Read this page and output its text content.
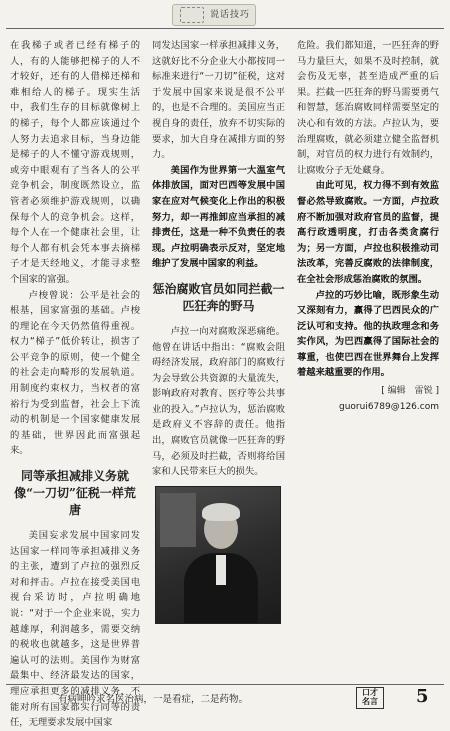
说话技巧

在我梯子或者已经有梯子的人，有的人能够把梯子的人不才较好，还有的人借梯还梯和难相给人的梯子。现实生活中，我们生存的目标就像树上的梯子，每个人都应该通过个人努力去追求目标，当身边能是梯子的人不懂守游戏规则，或旁中眼观有了当各人的公平竞争机会，制度既然设立，监管者必须维护游戏规则，以确保每个人的竞争机会。这样，每个人在一个健康社会里，让每个人都有机会凭本事去摘梯子才是天经地义，才能寻求整个国家的富强。

卢梭曾说：公平是社会的根基，国家富强的基础。卢梭的理论在今天仍然值得重视。权力“梯子”低价转让，损害了公平竞争的原则，使一个健全的社会走向畸形的发展轨道。用制度约束权力，当权者的富裕行为受到监督，社会上下流动的机制是一个国家健康发展的基础，世界因此而富强起来。

同等承担减排义务就像“一刀切”征税一样荒唐

美国妄求发展中国家同发达国家一样同等承担减排义务的主张，遭到了卢拉的强烈反对和抨击。卢拉在接受美国电视台采访时，卢拉明确地说：“对于一个企业来说，实力越雄厚，利润越多，需要交纳的税收也就越多，这是世界普遍认可的法则。美国作为财富最集中、经济最发达的国家，理应承担更多的减排义务，不能对所有国家都实行同等的责任，无理要求发展中国家

同发达国家一样承担减排义务，这就好比不分企业大小都按同一标准来进行“一刀切”征税，这对于发展中国家来说是很不公平的，也是不合理的。美国应当正视自身的责任，放弃不切实际的要求，加大自身在减排方面的努力。

美国作为世界第一大温室气体排放国，面对巴西等发展中国家在应对气候变化上作出的积极努力，却一再推卸应当承担的减排责任，这是一种不负责任的表现。卢拉明确表示反对，坚定地维护了发展中国家的利益。

惩治腐败官员如同拦截一匹狂奔的野马

卢拉一向对腐败深恶痛绝。他曾在讲话中指出：“腐败会阻碍经济发展，政府部门的腐败行为会导致公共资源的大量流失，影响政府对教育、医疗等公共事业的投入。”卢拉认为，惩治腐败是政府义不容辞的责任。他指出，腐败官员就像一匹狂奔的野马，必须及时拦截，否则将给国家和人民带来巨大的损失。

危险。我们都知道，一匹狂奔的野马力量巨大，如果不及时控制，就会伤及无辜，甚至造成严重的后果。拦截一匹狂奔的野马需要勇气和智慧，惩治腐败同样需要坚定的决心和有效的方法。卢拉认为，要治理腐败，就必须建立健全监督机制，对官员的权力进行有效制约，让腐败分子无处藏身。

由此可见，权力得不到有效监督必然导致腐败。一方面，卢拉政府不断加强对政府官员的监督，提高行政透明度，打击各类贪腐行为；另一方面，卢拉也积极推动司法改革，完善反腐败的法律制度，在全社会形成惩治腐败的氛围。

卢拉的巧妙比喻，既形象生动又深刻有力，赢得了巴西民众的广泛认可和支持。他的执政理念和务实作风，为巴西赢得了国际社会的尊重，也使巴西在世界舞台上发挥着越来越重要的作用。

[ 编辑　雷锐 ]
guorui6789@126.com
有病呻吟求名医治病，一是看症，二是药物。
口才 名言	5
